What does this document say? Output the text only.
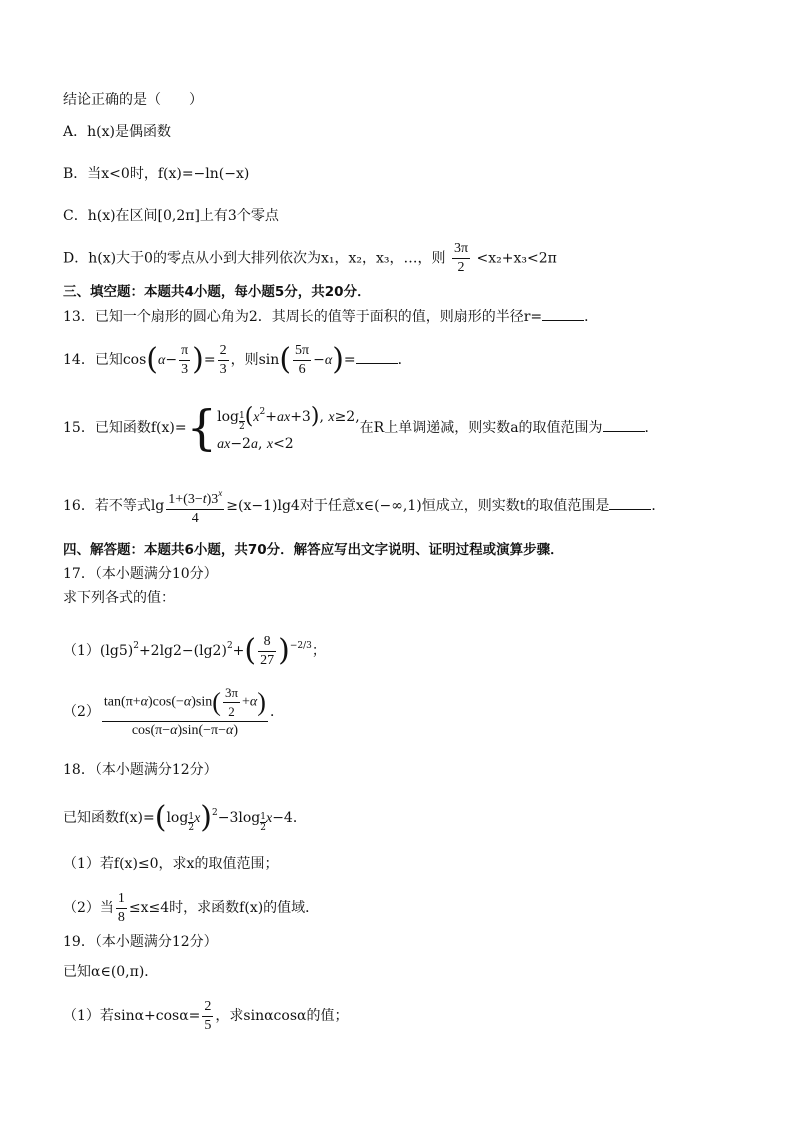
结论正确的是（　　）
A．h(x)是偶函数
B．当x<0时，f(x)=−ln(−x)
C．h(x)在区间[0,2π]上有3个零点
D．h(x)大于0的零点从小到大排列依次为x₁，x₂，x₃，…，则 $\frac{3\pi}{2} <x_2+x_3<2\pi$
三、填空题：本题共4小题，每小题5分，共20分．
13．已知一个扇形的圆心角为2．其周长的值等于面积的值，则扇形的半径r=	．
14．已知$\cos(\alpha- \frac{\pi}{3}$ )= $\frac{2}{3}$ ，则$\sin( \frac{5\pi}{6} -\alpha)=$	．
15．已知函数f(x)={ $\log \frac{1}{2} (x^2+ax+3)$, x≥2,
ax−2a, x<2
在R上单调递减，则实数a的取值范围为	．
16．若不等式$\lg \frac{1+(3-t)3^x}{4} \ge(x-1)\lg 4$对于任意x∈(−∞,1)恒成立，则实数t的取值范围是	．
四、解答题：本题共6小题，共70分．解答应写出文字说明、证明过程或演算步骤．
17．（本小题满分10分）
求下列各式的值：
$(1)(\lg 5)^2+2\lg 2-(\lg 2)^2+( \frac{8}{27} )^{-2/3}$；
$(2) \frac{\tan(\pi+\alpha)\cos(-\alpha)\sin( \frac{3\pi}{2} +\alpha)}{\cos(\pi-\alpha)\sin(-\pi-\alpha)}$ ．
18．（本小题满分12分）
已知函数$f(x)=(\log \frac{1}{2} x)^2-3\log \frac{1}{2} x-4$．
（1）若f(x)≤0，求x的取值范围；
（2）当 $\frac{1}{8} \le x\le 4$时，求函数f(x)的值域．
19．（本小题满分12分）
已知α∈(0,π)．
（1）若$\sin\alpha+\cos\alpha= \frac{2}{5}$ ，求sinαcosα的值；
